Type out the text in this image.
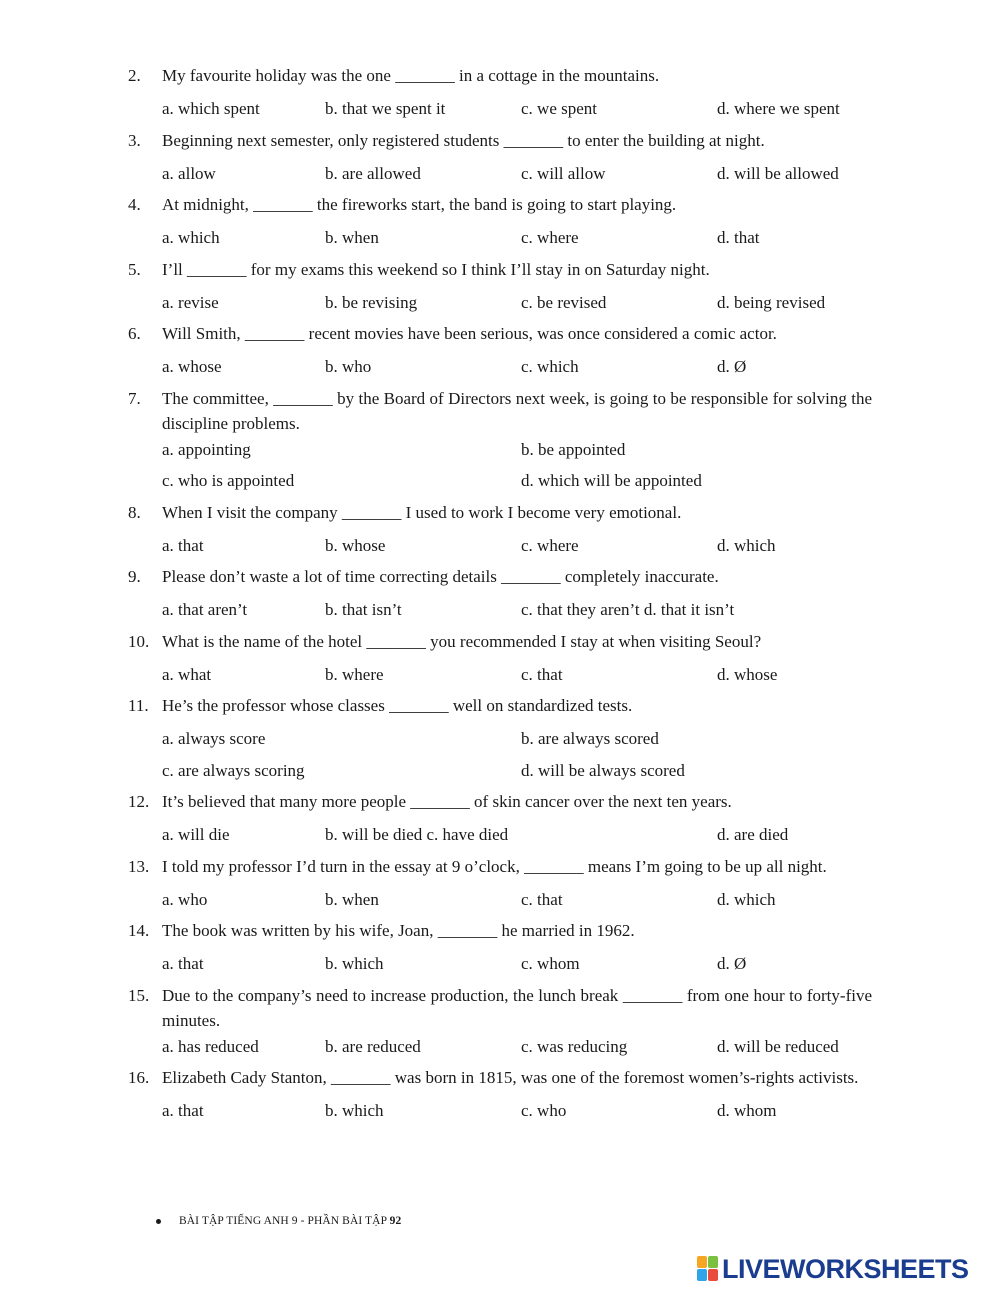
2.	My favourite holiday was the one _______ in a cottage in the mountains.
a. which spent	b. that we spent it	c. we spent	d. where we spent
3.	Beginning next semester, only registered students _______ to enter the building at night.
a. allow	b. are allowed	c. will allow	d. will be allowed
4.	At midnight, _______ the fireworks start, the band is going to start playing.
a. which	b. when	c. where	d. that
5.	I’ll _______ for my exams this weekend so I think I’ll stay in on Saturday night.
a. revise	b. be revising	c. be revised	d. being revised
6.	Will Smith, _______ recent movies have been serious, was once considered a comic actor.
a. whose	b. who	c. which	d. Ø
7.	The committee, _______ by the Board of Directors next week, is going to be responsible for solving the discipline problems.
a. appointing	b. be appointed
c. who is appointed	d. which will be appointed
8.	When I visit the company _______ I used to work I become very emotional.
a. that	b. whose	c. where	d. which
9.	Please don’t waste a lot of time correcting details _______ completely inaccurate.
a. that aren’t	b. that isn’t	c. that they aren’t d. that it isn’t
10. What is the name of the hotel _______ you recommended I stay at when visiting Seoul?
a. what	b. where	c. that	d. whose
11. He’s the professor whose classes _______ well on standardized tests.
a. always score	b. are always scored
c. are always scoring	d. will be always scored
12. It’s believed that many more people _______ of skin cancer over the next ten years.
a. will die	b. will be died c. have died	d. are died
13. I told my professor I’d turn in the essay at 9 o’clock, _______ means I’m going to be up all night.
a. who	b. when	c. that	d. which
14. The book was written by his wife, Joan, _______ he married in 1962.
a. that	b. which	c. whom	d. Ø
15. Due to the company’s need to increase production, the lunch break _______ from one hour to forty-five minutes.
a. has reduced	b. are reduced	c. was reducing	d. will be reduced
16. Elizabeth Cady Stanton, _______ was born in 1815, was one of the foremost women’s-rights activists.
a. that	b. which	c. who	d. whom
BÀI TẬP TIẾNG ANH 9 - PHẦN BÀI TẬP 92
LIVEWORKSHEETS
